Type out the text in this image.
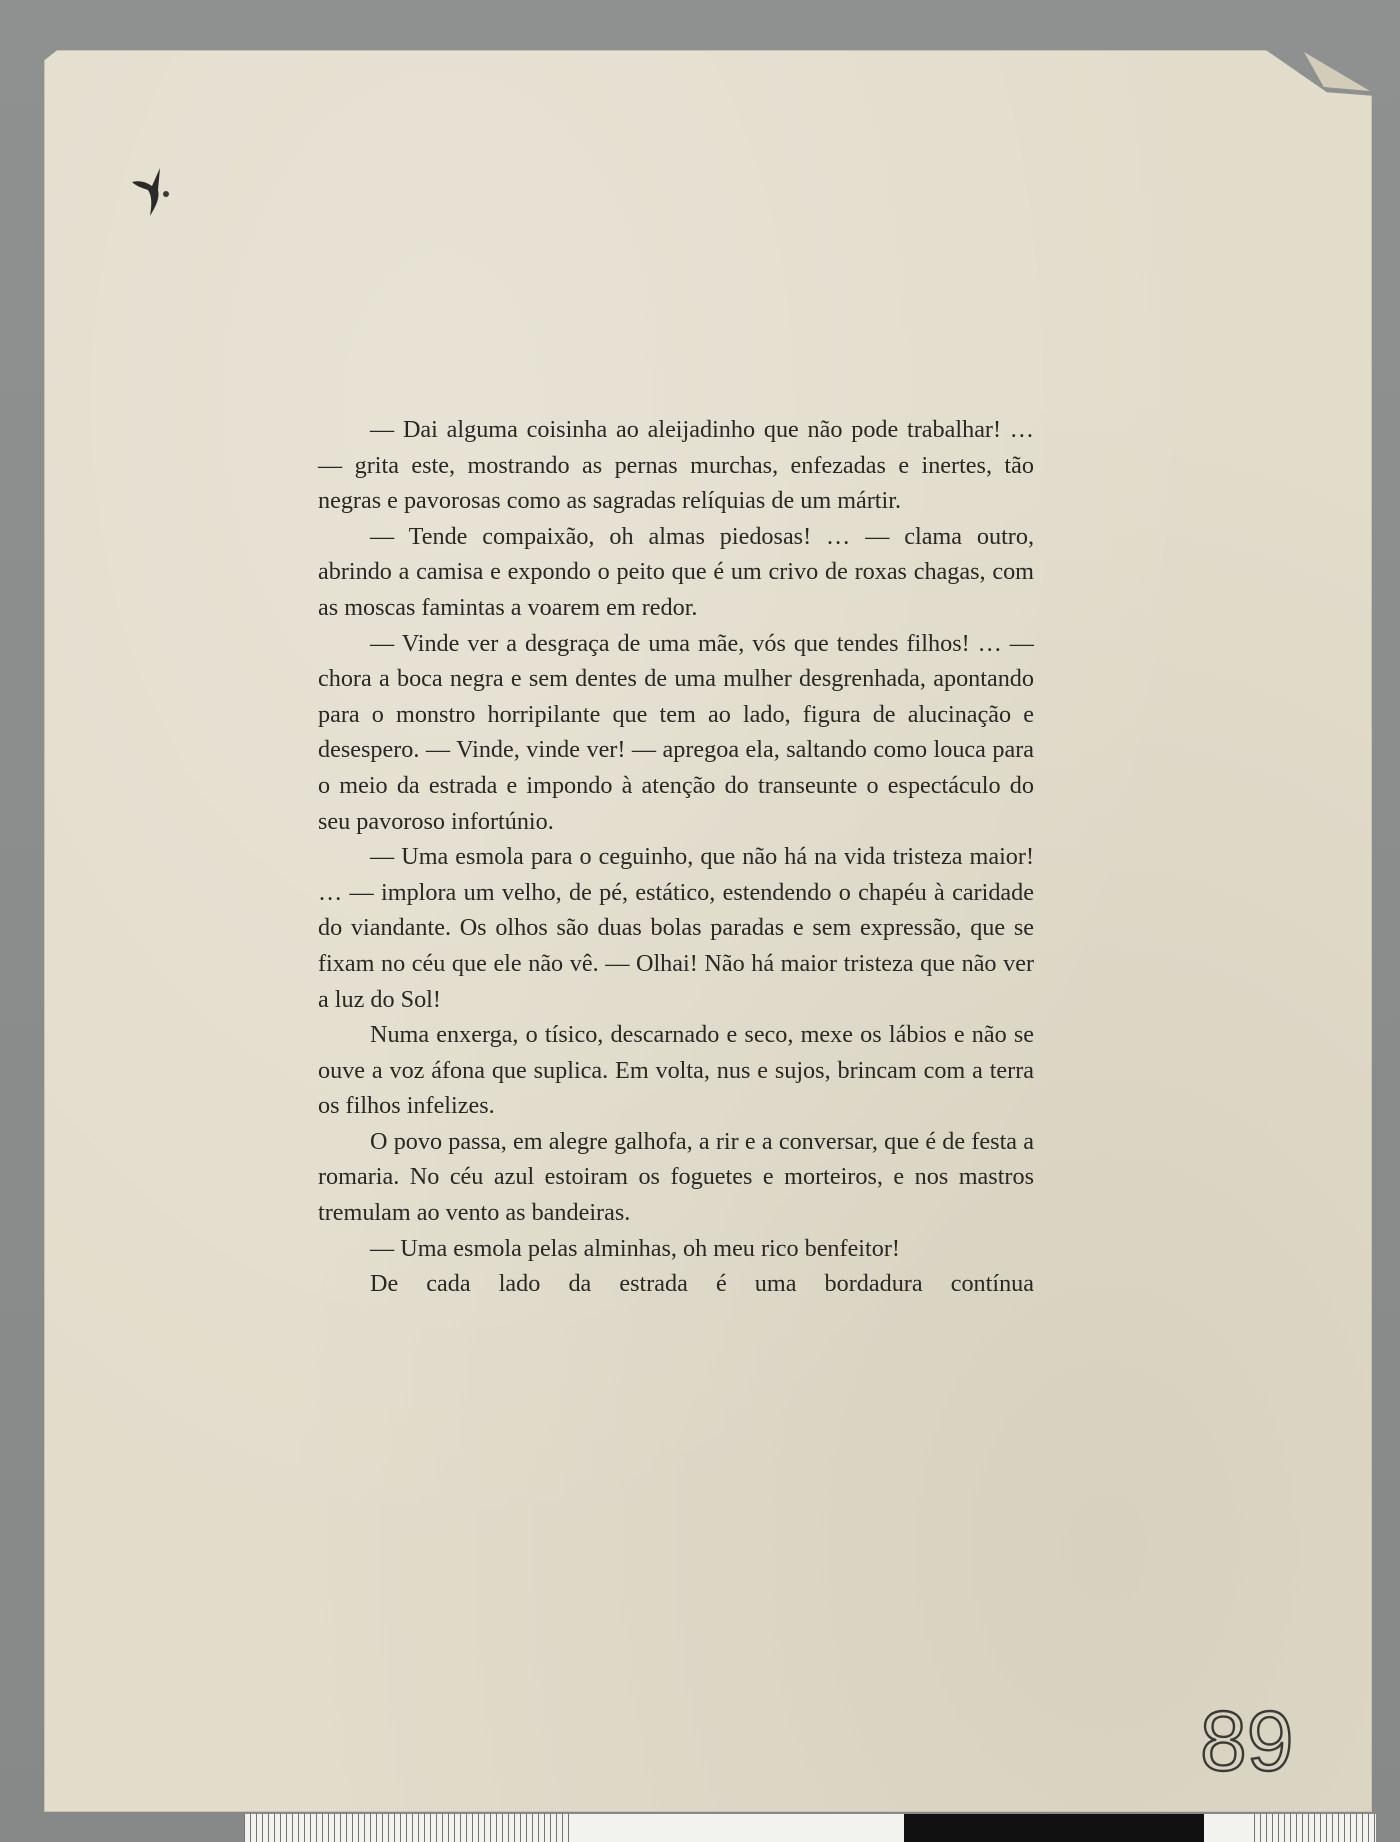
— Dai alguma coisinha ao aleijadinho que não pode trabalhar! … — grita este, mostrando as pernas murchas, enfezadas e inertes, tão negras e pavorosas como as sagradas relíquias de um mártir.

— Tende compaixão, oh almas piedosas! … — clama outro, abrindo a camisa e expondo o peito que é um crivo de roxas chagas, com as moscas famintas a voarem em redor.

— Vinde ver a desgraça de uma mãe, vós que tendes filhos! … — chora a boca negra e sem dentes de uma mulher desgrenhada, apontando para o monstro horripilante que tem ao lado, figura de alucinação e desespero. — Vinde, vinde ver! — apregoa ela, saltando como louca para o meio da estrada e impondo à atenção do transeunte o espectáculo do seu pavoroso infortúnio.

— Uma esmola para o ceguinho, que não há na vida tristeza maior! … — implora um velho, de pé, estático, estendendo o chapéu à caridade do viandante. Os olhos são duas bolas paradas e sem expressão, que se fixam no céu que ele não vê. — Olhai! Não há maior tristeza que não ver a luz do Sol!

Numa enxerga, o tísico, descarnado e seco, mexe os lábios e não se ouve a voz áfona que suplica. Em volta, nus e sujos, brincam com a terra os filhos infelizes.

O povo passa, em alegre galhofa, a rir e a conversar, que é de festa a romaria. No céu azul estoiram os foguetes e morteiros, e nos mastros tremulam ao vento as bandeiras.

— Uma esmola pelas alminhas, oh meu rico benfeitor!

De cada lado da estrada é uma bordadura contínua

89
